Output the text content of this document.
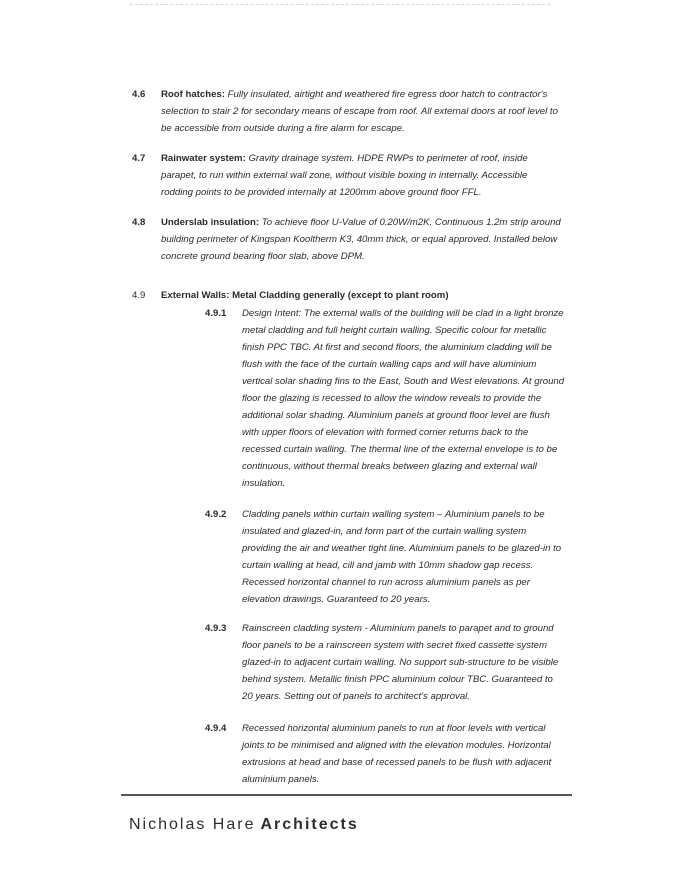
4.6 Roof hatches: Fully insulated, airtight and weathered fire egress door hatch to contractor's selection to stair 2 for secondary means of escape from roof. All external doors at roof level to be accessible from outside during a fire alarm for escape.
4.7 Rainwater system: Gravity drainage system. HDPE RWPs to perimeter of roof, inside parapet, to run within external wall zone, without visible boxing in internally. Accessible rodding points to be provided internally at 1200mm above ground floor FFL.
4.8 Underslab insulation: To achieve floor U-Value of 0.20W/m2K. Continuous 1.2m strip around building perimeter of Kingspan Kooltherm K3, 40mm thick, or equal approved. Installed below concrete ground bearing floor slab, above DPM.
4.9 External Walls: Metal Cladding generally (except to plant room)
4.9.1 Design Intent: The external walls of the building will be clad in a light bronze metal cladding and full height curtain walling. Specific colour for metallic finish PPC TBC. At first and second floors, the aluminium cladding will be flush with the face of the curtain walling caps and will have aluminium vertical solar shading fins to the East, South and West elevations. At ground floor the glazing is recessed to allow the window reveals to provide the additional solar shading. Aluminium panels at ground floor level are flush with upper floors of elevation with formed corner returns back to the recessed curtain walling. The thermal line of the external envelope is to be continuous, without thermal breaks between glazing and external wall insulation.
4.9.2 Cladding panels within curtain walling system – Aluminium panels to be insulated and glazed-in, and form part of the curtain walling system providing the air and weather tight line. Aluminium panels to be glazed-in to curtain walling at head, cill and jamb with 10mm shadow gap recess. Recessed horizontal channel to run across aluminium panels as per elevation drawings. Guaranteed to 20 years.
4.9.3 Rainscreen cladding system - Aluminium panels to parapet and to ground floor panels to be a rainscreen system with secret fixed cassette system glazed-in to adjacent curtain walling. No support sub-structure to be visible behind system. Metallic finish PPC aluminium colour TBC. Guaranteed to 20 years. Setting out of panels to architect's approval.
4.9.4 Recessed horizontal aluminium panels to run at floor levels with vertical joints to be minimised and aligned with the elevation modules. Horizontal extrusions at head and base of recessed panels to be flush with adjacent aluminium panels.
Nicholas Hare Architects
